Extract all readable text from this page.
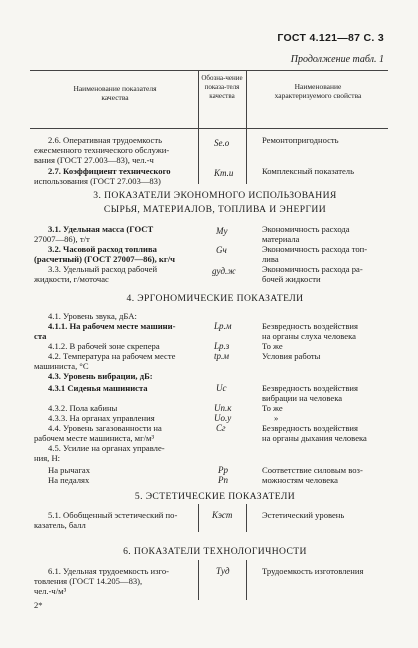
ГОСТ 4.121—87 С. 3
Продолжение табл. 1
Наименование показателя качества
Обозна-чение показа-теля качества
Наименование характеризуемого свойства
2.6. Оперативная трудоемкость
ежесменного технического обслужи-
вания (ГОСТ 27.003—83), чел.-ч
Sе.о	Ремонтопригодность
2.7. Коэффициент технического
использования (ГОСТ 27.003—83)
Kт.и	Комплексный показатель
3. ПОКАЗАТЕЛИ ЭКОНОМНОГО ИСПОЛЬЗОВАНИЯ
СЫРЬЯ, МАТЕРИАЛОВ, ТОПЛИВА И ЭНЕРГИИ
3.1. Удельная масса (ГОСТ
27007—86), т/т
Mу	Экономичность расхода
материала
3.2. Часовой расход топлива
(расчетный) (ГОСТ 27007—86), кг/ч
Gч	Экономичность расхода топ-
лива
3.3. Удельный расход рабочей
жидкости, г/моточас
gуд.ж	Экономичность расхода ра-
бочей жидкости
4. ЭРГОНОМИЧЕСКИЕ ПОКАЗАТЕЛИ
4.1. Уровень звука, дБА:
4.1.1. На рабочем месте машини-	Lр.м	Безвредность воздействия
ста	на органы слуха человека
4.1.2. В рабочей зоне скрепера	Lр.з	То же
4.2. Температура на рабочем месте	tр.м	Условия работы
машиниста, °С
4.3. Уровень вибрации, дБ:
4.3.1 Сиденья машиниста	Uс	Безвредность воздействия
вибрации на человека
4.3.2. Пола кабины	Uп.к	То же
4.3.3. На органах управления	Uо.у	»
4.4. Уровень загазованности на	Cг	Безвредность воздействия
рабочем месте машиниста, мг/м³	на органы дыхания человека
4.5. Усилие на органах управле-
ния, Н:
На рычагах	Pр	Соответствие силовым воз-
На педалях	Pп	можностям человека
5. ЭСТЕТИЧЕСКИЕ ПОКАЗАТЕЛИ
5.1. Обобщенный эстетический по-
казатель, балл
Kэст	Эстетический уровень
6. ПОКАЗАТЕЛИ ТЕХНОЛОГИЧНОСТИ
6.1. Удельная трудоемкость изго-
товления (ГОСТ 14.205—83),
чел.-ч/м³
Tуд	Трудоемкость изготовления
2*
